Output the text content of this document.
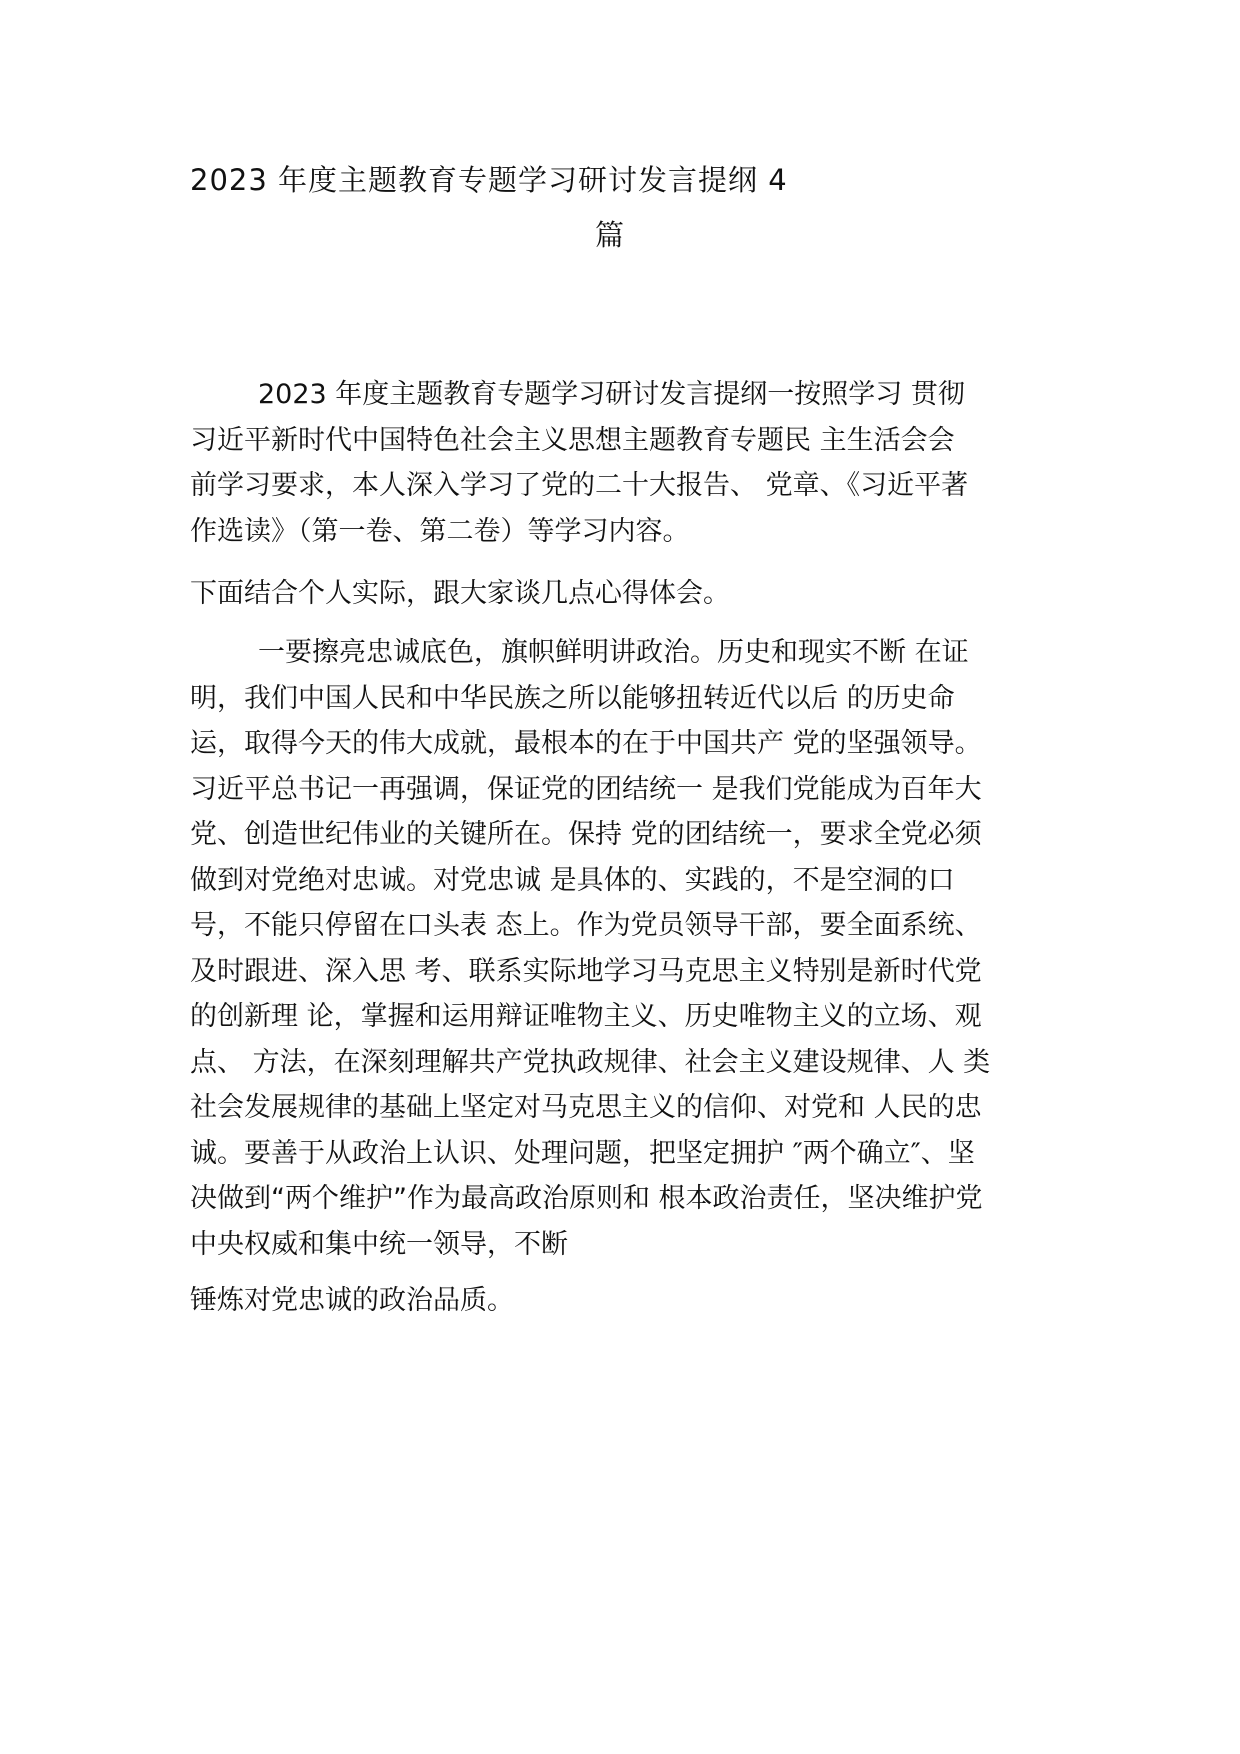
2023 年度主题教育专题学习研讨发言提纲 4
篇
2023 年度主题教育专题学习研讨发言提纲一按照学习 贯彻
习近平新时代中国特色社会主义思想主题教育专题民 主生活会会
前学习要求，本人深入学习了党的二十大报告、 党章、《习近平著
作选读》（第一卷、第二卷）等学习内容。
下面结合个人实际，跟大家谈几点心得体会。
一要擦亮忠诚底色，旗帜鲜明讲政治。历史和现实不断 在证
明，我们中国人民和中华民族之所以能够扭转近代以后 的历史命
运，取得今天的伟大成就，最根本的在于中国共产 党的坚强领导。
习近平总书记一再强调，保证党的团结统一 是我们党能成为百年大
党、创造世纪伟业的关键所在。保持 党的团结统一，要求全党必须
做到对党绝对忠诚。对党忠诚 是具体的、实践的，不是空洞的口
号，不能只停留在口头表 态上。作为党员领导干部，要全面系统、
及时跟进、深入思 考、联系实际地学习马克思主义特别是新时代党
的创新理 论，掌握和运用辩证唯物主义、历史唯物主义的立场、观
点、 方法，在深刻理解共产党执政规律、社会主义建设规律、人 类
社会发展规律的基础上坚定对马克思主义的信仰、对党和 人民的忠
诚。要善于从政治上认识、处理问题，把坚定拥护 ″两个确立″、坚
决做到“两个维护”作为最高政治原则和 根本政治责任，坚决维护党
中央权威和集中统一领导，不断
锤炼对党忠诚的政治品质。
